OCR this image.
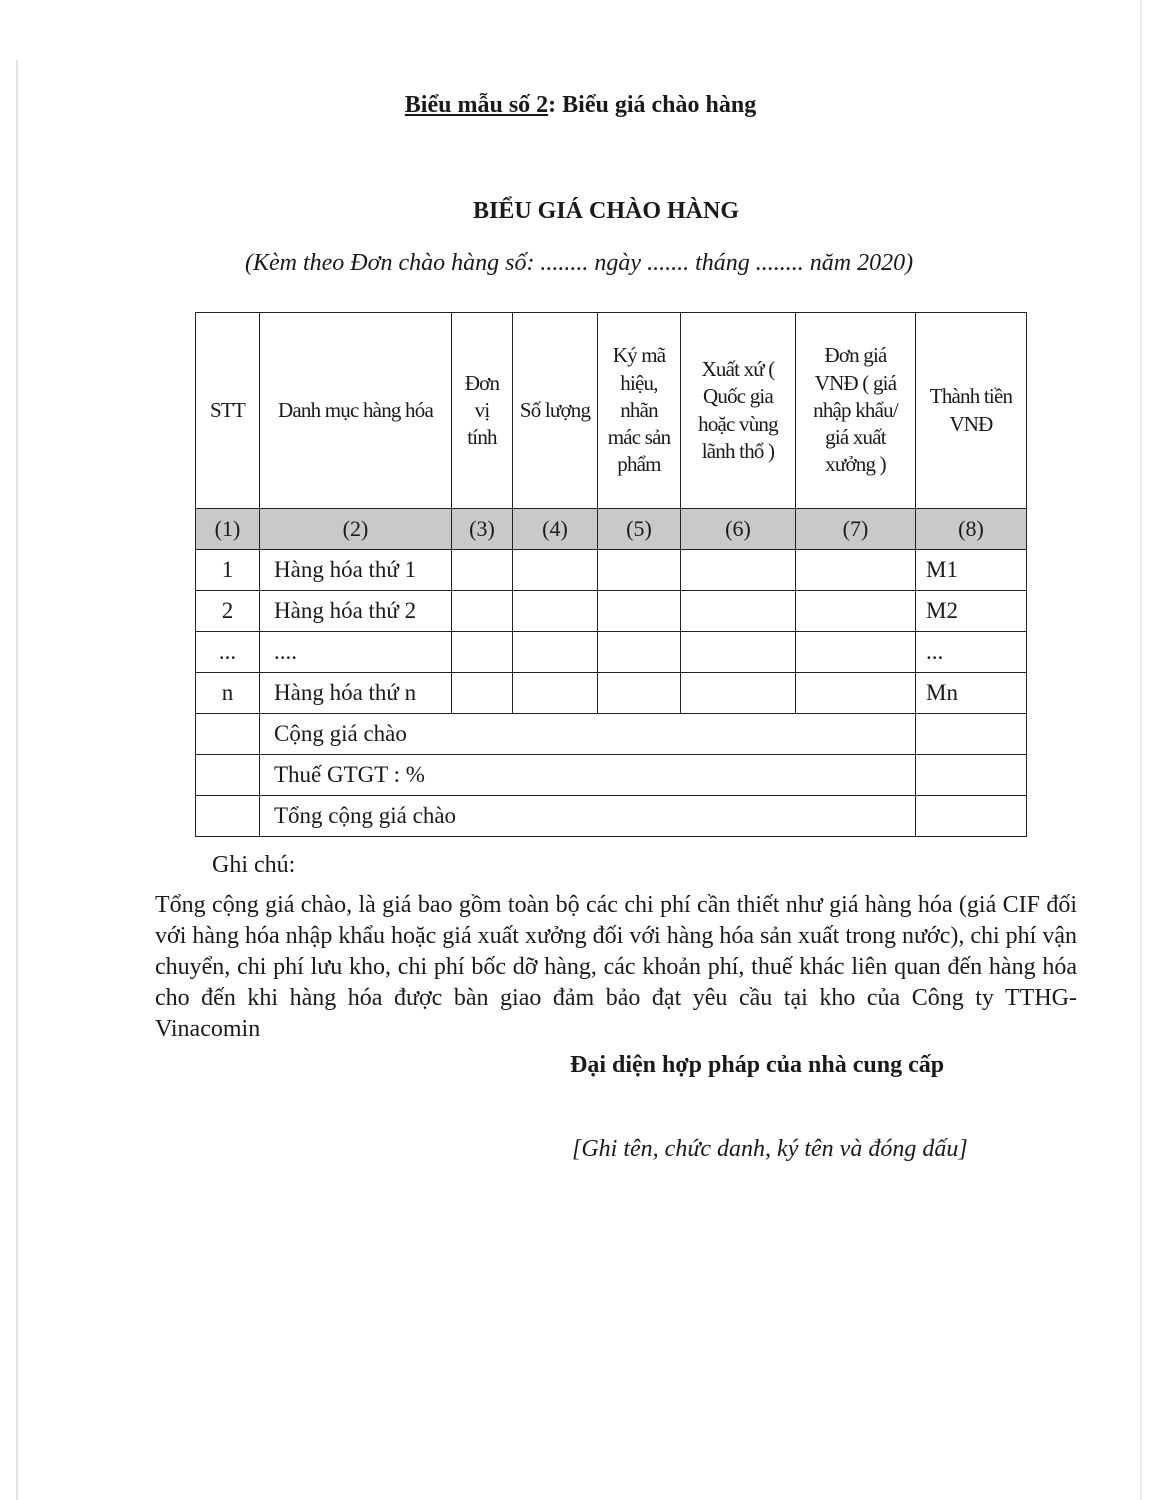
Biểu mẫu số 2: Biểu giá chào hàng
BIỂU GIÁ CHÀO HÀNG
(Kèm theo Đơn chào hàng số: ........ ngày ....... tháng ........ năm 2020)
STT	Danh mục hàng hóa	Đơn vị tính	Số lượng	Ký mã hiệu, nhãn mác sản phẩm	Xuất xứ ( Quốc gia hoặc vùng lãnh thổ )	Đơn giá VNĐ ( giá nhập khẩu/ giá xuất xưởng )	Thành tiền VNĐ
(1)	(2)	(3)	(4)	(5)	(6)	(7)	(8)
1	Hàng hóa thứ 1						M1
2	Hàng hóa thứ 2						M2
...	....						...
n	Hàng hóa thứ n						Mn
	Cộng giá chào						
	Thuế GTGT : %						
	Tổng cộng giá chào						
Ghi chú:
Tổng cộng giá chào, là giá bao gồm toàn bộ các chi phí cần thiết như giá hàng hóa (giá CIF đối với hàng hóa nhập khẩu hoặc giá xuất xưởng đối với hàng hóa sản xuất trong nước), chi phí vận chuyển, chi phí lưu kho, chi phí bốc dỡ hàng, các khoản phí, thuế khác liên quan đến hàng hóa cho đến khi hàng hóa được bàn giao đảm bảo đạt yêu cầu tại kho của Công ty TTHG- Vinacomin
Đại diện hợp pháp của nhà cung cấp
[Ghi tên, chức danh, ký tên và đóng dấu]
